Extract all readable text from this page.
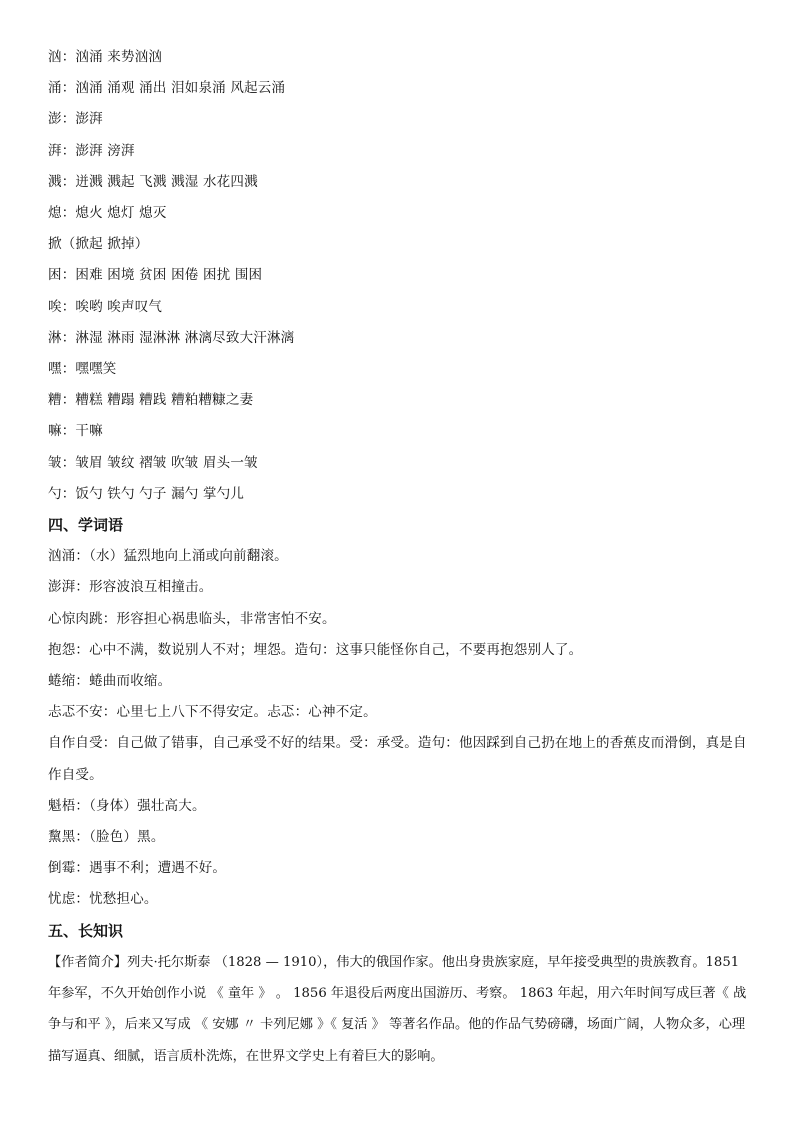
汹：汹涌 来势汹汹
涌：汹涌 涌观 涌出 泪如泉涌 风起云涌
澎：澎湃
湃：澎湃 滂湃
溅：迸溅 溅起 飞溅 溅湿 水花四溅
熄：熄火 熄灯 熄灭
掀（掀起 掀掉）
困：困难 困境 贫困 困倦 困扰 围困
唉：唉哟 唉声叹气
淋：淋湿 淋雨 湿淋淋 淋漓尽致大汗淋漓
嘿：嘿嘿笑
糟：糟糕 糟蹋 糟践 糟粕糟糠之妻
嘛：干嘛
皱：皱眉 皱纹 褶皱 吹皱 眉头一皱
勺：饭勺 铁勺 勺子 漏勺 掌勺儿
四、学词语
汹涌：（水）猛烈地向上涌或向前翻滚。
澎湃：形容波浪互相撞击。
心惊肉跳：形容担心祸患临头，非常害怕不安。
抱怨：心中不满，数说别人不对；埋怨。造句：这事只能怪你自己，不要再抱怨别人了。
蜷缩：蜷曲而收缩。
忐忑不安：心里七上八下不得安定。忐忑：心神不定。
自作自受：自己做了错事，自己承受不好的结果。受：承受。造句：他因踩到自己扔在地上的香蕉皮而滑倒，真是自作自受。
魁梧：（身体）强壮高大。
黧黑：（脸色）黑。
倒霉：遇事不利；遭遇不好。
忧虑：忧愁担心。
五、长知识
【作者简介】列夫·托尔斯泰 （1828 — 1910），伟大的俄国作家。他出身贵族家庭，早年接受典型的贵族教育。1851 年参军，不久开始创作小说 《 童年 》 。 1856 年退役后两度出国游历、考察。 1863 年起，用六年时间写成巨著《 战争与和平 》，后来又写成 《 安娜 〃 卡列尼娜 》《 复活 》 等著名作品。他的作品气势磅礴，场面广阔，人物众多，心理描写逼真、细腻，语言质朴洗炼，在世界文学史上有着巨大的影响。
